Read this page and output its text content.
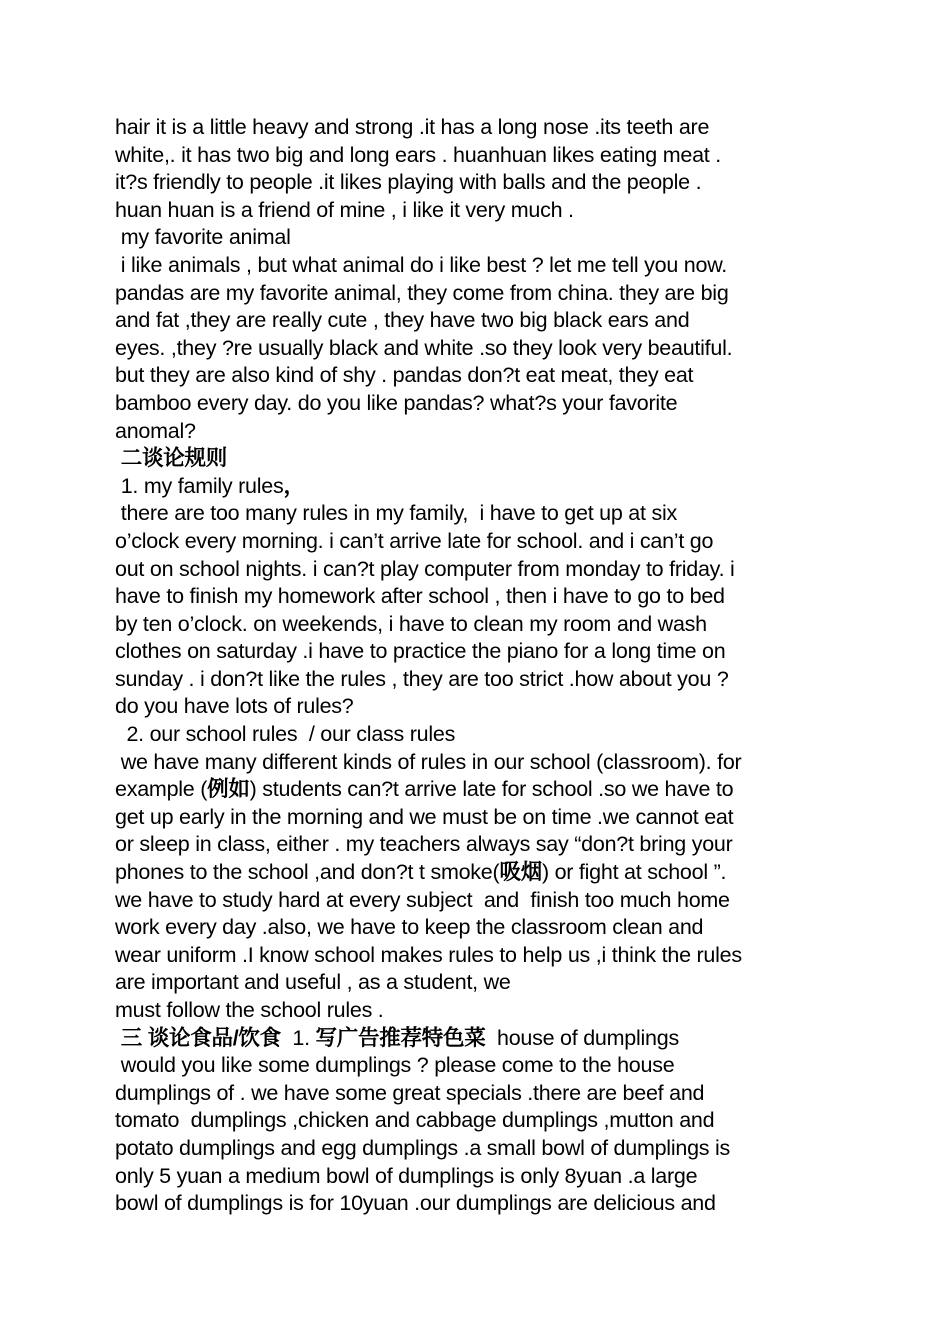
hair it is a little heavy and strong .it has a long nose .its teeth are
white,. it has two big and long ears . huanhuan likes eating meat .
it?s friendly to people .it likes playing with balls and the people .
huan huan is a friend of mine , i like it very much .
my favorite animal
i like animals , but what animal do i like best ? let me tell you now.
pandas are my favorite animal, they come from china. they are big
and fat ,they are really cute , they have two big black ears and
eyes. ,they ?re usually black and white .so they look very beautiful.
but they are also kind of shy . pandas don?t eat meat, they eat
bamboo every day. do you like pandas? what?s your favorite
anomal?
二谈论规则
1. my family rules，
there are too many rules in my family,  i have to get up at six
o’clock every morning. i can’t arrive late for school. and i can’t go
out on school nights. i can?t play computer from monday to friday. i
have to finish my homework after school , then i have to go to bed
by ten o’clock. on weekends, i have to clean my room and wash
clothes on saturday .i have to practice the piano for a long time on
sunday . i don?t like the rules , they are too strict .how about you ?
do you have lots of rules?
2. our school rules  / our class rules
we have many different kinds of rules in our school (classroom). for
example (例如) students can?t arrive late for school .so we have to
get up early in the morning and we must be on time .we cannot eat
or sleep in class, either . my teachers always say “don?t bring your
phones to the school ,and don?t t smoke(吸烟) or fight at school ”.
we have to study hard at every subject  and  finish too much home
work every day .also, we have to keep the classroom clean and
wear uniform .I know school makes rules to help us ,i think the rules
are important and useful , as a student, we
must follow the school rules .
三 谈论食品/饮食  1. 写广告推荐特色菜  house of dumplings
would you like some dumplings ? please come to the house
dumplings of . we have some great specials .there are beef and
tomato  dumplings ,chicken and cabbage dumplings ,mutton and
potato dumplings and egg dumplings .a small bowl of dumplings is
only 5 yuan a medium bowl of dumplings is only 8yuan .a large
bowl of dumplings is for 10yuan .our dumplings are delicious and
